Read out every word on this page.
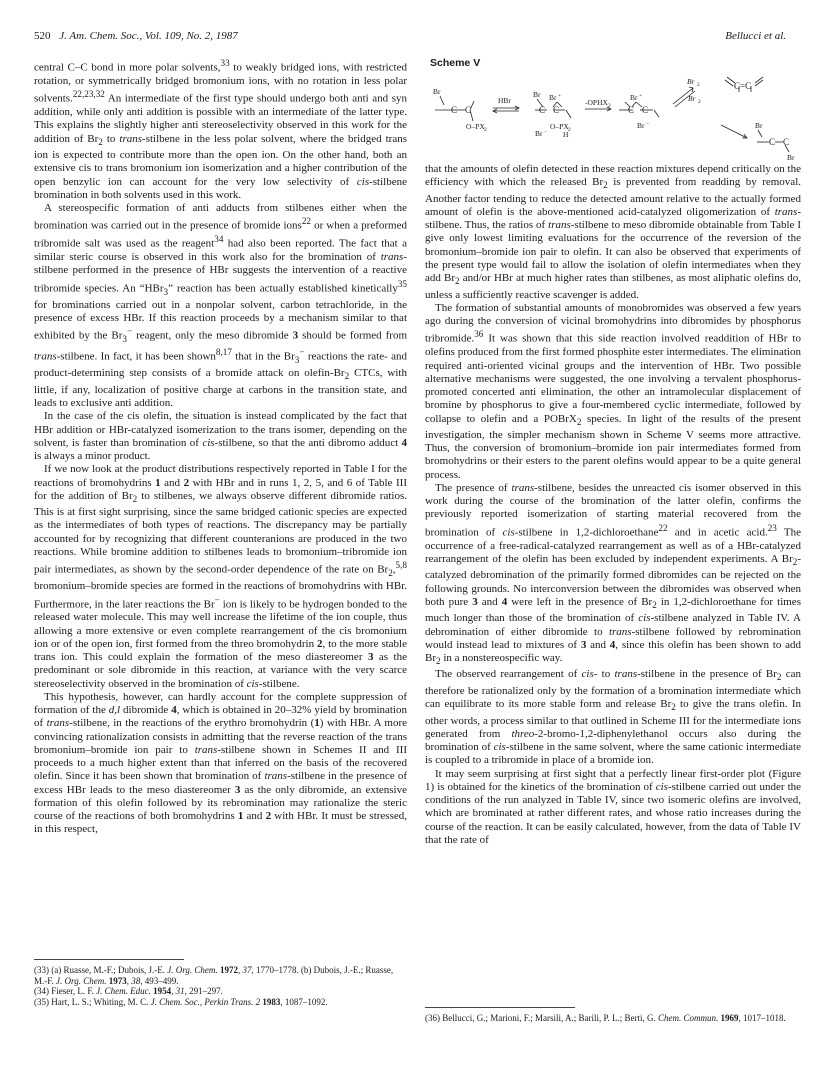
520 J. Am. Chem. Soc., Vol. 109, No. 2, 1987	Bellucci et al.

central C–C bond in more polar solvents,$^{33}$ to weakly bridged ions, with restricted rotation, or symmetrically bridged bromonium ions, with no rotation in less polar solvents.$^{22,23,32}$ An intermediate of the first type should undergo both anti and syn addition, while only anti addition is possible with an intermediate of the latter type. This explains the slightly higher anti stereoselectivity observed in this work for the addition of $Br_2$ to trans-stilbene in the less polar solvent, where the bridged trans ion is expected to contribute more than the open ion. On the other hand, both an extensive cis to trans bromonium ion isomerization and a higher contribution of the open benzylic ion can account for the very low selectivity of cis-stilbene bromination in both solvents used in this work.

A stereospecific formation of anti adducts from stilbenes either when the bromination was carried out in the presence of bromide ions$^{22}$ or when a preformed tribromide salt was used as the reagent$^{34}$ had also been reported. The fact that a similar steric course is observed in this work also for the bromination of trans-stilbene performed in the presence of HBr suggests the intervention of a reactive tribromide species. An “HBr$_3$” reaction has been actually established kinetically$^{35}$ for brominations carried out in a nonpolar solvent, carbon tetrachloride, in the presence of excess HBr. If this reaction proceeds by a mechanism similar to that exhibited by the $Br_3^-$ reagent, only the meso dibromide 3 should be formed from trans-stilbene. In fact, it has been shown$^{8,17}$ that in the $Br_3^-$ reactions the rate- and product-determining step consists of a bromide attack on olefin-$Br_2$ CTCs, with little, if any, localization of positive charge at carbons in the transition state, and leads to exclusive anti addition.

In the case of the cis olefin, the situation is instead complicated by the fact that HBr addition or HBr-catalyzed isomerization to the trans isomer, depending on the solvent, is faster than bromination of cis-stilbene, so that the anti dibromo adduct 4 is always a minor product.

If we now look at the product distributions respectively reported in Table I for the reactions of bromohydrins 1 and 2 with HBr and in runs 1, 2, 5, and 6 of Table III for the addition of $Br_2$ to stilbenes, we always observe different dibromide ratios. This is at first sight surprising, since the same bridged cationic species are expected as the intermediates of both types of reactions. The discrepancy may be partially accounted for by recognizing that different counteranions are produced in the two reactions. While bromine addition to stilbenes leads to bromonium–tribromide ion pair intermediates, as shown by the second-order dependence of the rate on $Br_2,^{5,8}$ bromonium–bromide species are formed in the reactions of bromohydrins with HBr. Furthermore, in the later reactions the Br− ion is likely to be hydrogen bonded to the released water molecule. This may well increase the lifetime of the ion couple, thus allowing a more extensive or even complete rearrangement of the cis bromonium ion or of the open ion, first formed from the threo bromohydrin 2, to the more stable trans ion. This could explain the formation of the meso diastereomer 3 as the predominant or sole dibromide in this reaction, at variance with the very scarce stereoselectivity observed in the bromination of cis-stilbene.

This hypothesis, however, can hardly account for the complete suppression of formation of the d,l dibromide 4, which is obtained in 20–32% yield by bromination of trans-stilbene, in the reactions of the erythro bromohydrin (1) with HBr. A more convincing rationalization consists in admitting that the reverse reaction of the trans bromonium–bromide ion pair to trans-stilbene shown in Schemes II and III proceeds to a much higher extent than that inferred on the basis of the recovered olefin. Since it has been shown that bromination of trans-stilbene in the presence of excess HBr leads to the meso diastereomer 3 as the only dibromide, an extensive formation of this olefin followed by its rebromination may rationalize the steric course of the reactions of both bromohydrins 1 and 2 with HBr. It must be stressed, in this respect,

(33) (a) Ruasse, M.-F.; Dubois, J.-E. J. Org. Chem. 1972, 37, 1770–1778. (b) Dubois, J.-E.; Ruasse, M.-F. J. Org. Chem. 1973, 38, 493–499.
(34) Fieser, L. F. J. Chem. Educ. 1954, 31, 291–297.
(35) Hart, L. S.; Whiting, M. C. J. Chem. Soc., Perkin Trans. 2 1983, 1087–1092.
Scheme V
Br
C C
O–PX 2
HBr
Br Br +
C C
O–PX 2
Br − H
-OPHX 2
Br +
C C
Br −
Br 2	C=C
Br 2
Br
C C
Br

that the amounts of olefin detected in these reaction mixtures depend critically on the efficiency with which the released $Br_2$ is prevented from readding by removal. Another factor tending to reduce the detected amount relative to the actually formed amount of olefin is the above-mentioned acid-catalyzed oligomerization of trans-stilbene. Thus, the ratios of trans-stilbene to meso dibromide obtainable from Table I give only lowest limiting evaluations for the occurrence of the reversion of the bromonium–bromide ion pair to olefin. It can also be observed that experiments of the present type would fail to allow the isolation of olefin intermediates when they add $Br_2$ and/or HBr at much higher rates than stilbenes, as most aliphatic olefins do, unless a sufficiently reactive scavenger is added.

The formation of substantial amounts of monobromides was observed a few years ago during the conversion of vicinal bromohydrins into dibromides by phosphorus tribromide.$^{36}$ It was shown that this side reaction involved readdition of HBr to olefins produced from the first formed phosphite ester intermediates. The elimination required anti-oriented vicinal groups and the intervention of HBr. Two possible alternative mechanisms were suggested, the one involving a tervalent phosphorus-promoted concerted anti elimination, the other an intramolecular displacement of bromine by phosphorus to give a four-membered cyclic intermediate, followed by collapse to olefin and a POBrX$_2$ species. In light of the results of the present investigation, the simpler mechanism shown in Scheme V seems more attractive. Thus, the conversion of bromonium–bromide ion pair intermediates formed from bromohydrins or their esters to the parent olefins would appear to be a quite general process.

The presence of trans-stilbene, besides the unreacted cis isomer observed in this work during the course of the bromination of the latter olefin, confirms the previously reported isomerization of starting material recovered from the bromination of cis-stilbene in 1,2-dichloroethane$^{22}$ and in acetic acid.$^{23}$ The occurrence of a free-radical-catalyzed rearrangement as well as of a HBr-catalyzed rearrangement of the olefin has been excluded by independent experiments. A $Br_2$-catalyzed debromination of the primarily formed dibromides can be rejected on the following grounds. No interconversion between the dibromides was observed when both pure 3 and 4 were left in the presence of $Br_2$ in 1,2-dichloroethane for times much longer than those of the bromination of cis-stilbene analyzed in Table IV. A debromination of either dibromide to trans-stilbene followed by rebromination would instead lead to mixtures of 3 and 4, since this olefin has been shown to add $Br_2$ in a nonstereospecific way.

The observed rearrangement of cis- to trans-stilbene in the presence of $Br_2$ can therefore be rationalized only by the formation of a bromination intermediate which can equilibrate to its more stable form and release $Br_2$ to give the trans olefin. In other words, a process similar to that outlined in Scheme III for the intermediate ions generated from threo-2-bromo-1,2-diphenylethanol occurs also during the bromination of cis-stilbene in the same solvent, where the same cationic intermediate is coupled to a tribromide in place of a bromide ion.

It may seem surprising at first sight that a perfectly linear first-order plot (Figure 1) is obtained for the kinetics of the bromination of cis-stilbene carried out under the conditions of the run analyzed in Table IV, since two isomeric olefins are involved, which are brominated at rather different rates, and whose ratio increases during the course of the reaction. It can be easily calculated, however, from the data of Table IV that the rate of

(36) Bellucci, G.; Marioni, F.; Marsili, A.; Barili, P. L.; Berti, G. Chem. Commun. 1969, 1017–1018.
